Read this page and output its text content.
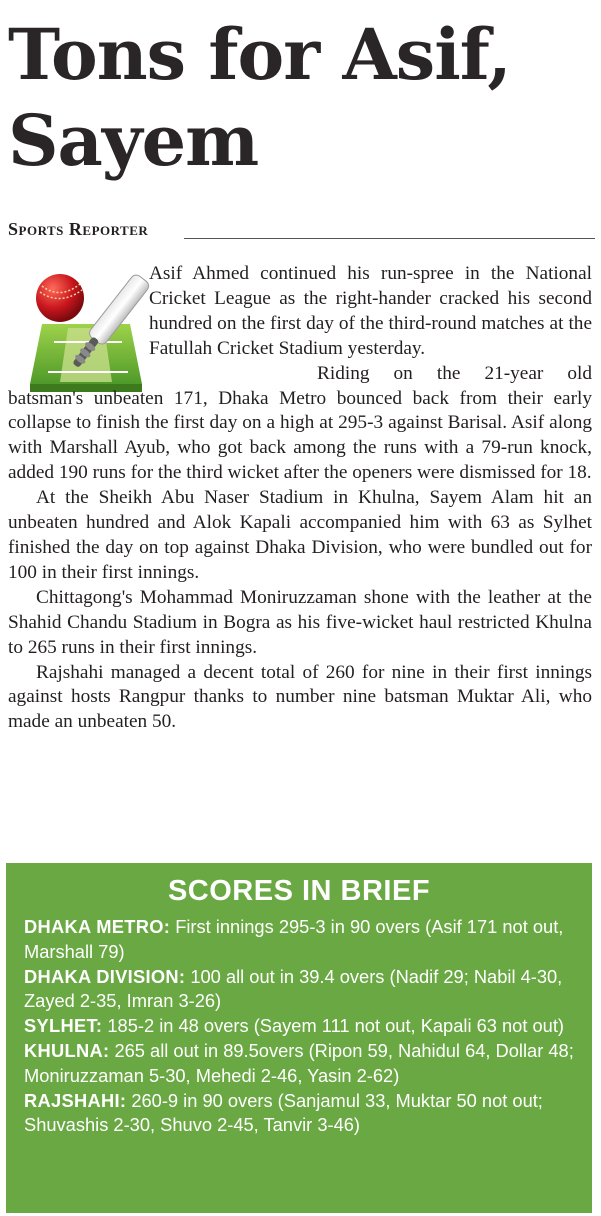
Tons for Asif, Sayem
Sports Reporter

Asif Ahmed continued his run-spree in the National Cricket League as the right-hander cracked his second hundred on the first day of the third-round matches at the Fatullah Cricket Stadium yesterday.

Riding on the 21-year old batsman's unbeaten 171, Dhaka Metro bounced back from their early collapse to finish the first day on a high at 295-3 against Barisal. Asif along with Marshall Ayub, who got back among the runs with a 79-run knock, added 190 runs for the third wicket after the openers were dismissed for 18.

At the Sheikh Abu Naser Stadium in Khulna, Sayem Alam hit an unbeaten hundred and Alok Kapali accompanied him with 63 as Sylhet finished the day on top against Dhaka Division, who were bundled out for 100 in their first innings.

Chittagong's Mohammad Moniruzzaman shone with the leather at the Shahid Chandu Stadium in Bogra as his five-wicket haul restricted Khulna to 265 runs in their first innings.

Rajshahi managed a decent total of 260 for nine in their first innings against hosts Rangpur thanks to number nine batsman Muktar Ali, who made an unbeaten 50.

SCORES IN BRIEF

DHAKA METRO: First innings 295-3 in 90 overs (Asif 171 not out, Marshall 79)

DHAKA DIVISION: 100 all out in 39.4 overs (Nadif 29; Nabil 4-30, Zayed 2-35, Imran 3-26)

SYLHET: 185-2 in 48 overs (Sayem 111 not out, Kapali 63 not out)

KHULNA: 265 all out in 89.5overs (Ripon 59, Nahidul 64, Dollar 48; Moniruzzaman 5-30, Mehedi 2-46, Yasin 2-62)

RAJSHAHI: 260-9 in 90 overs (Sanjamul 33, Muktar 50 not out; Shuvashis 2-30, Shuvo 2-45, Tanvir 3-46)
